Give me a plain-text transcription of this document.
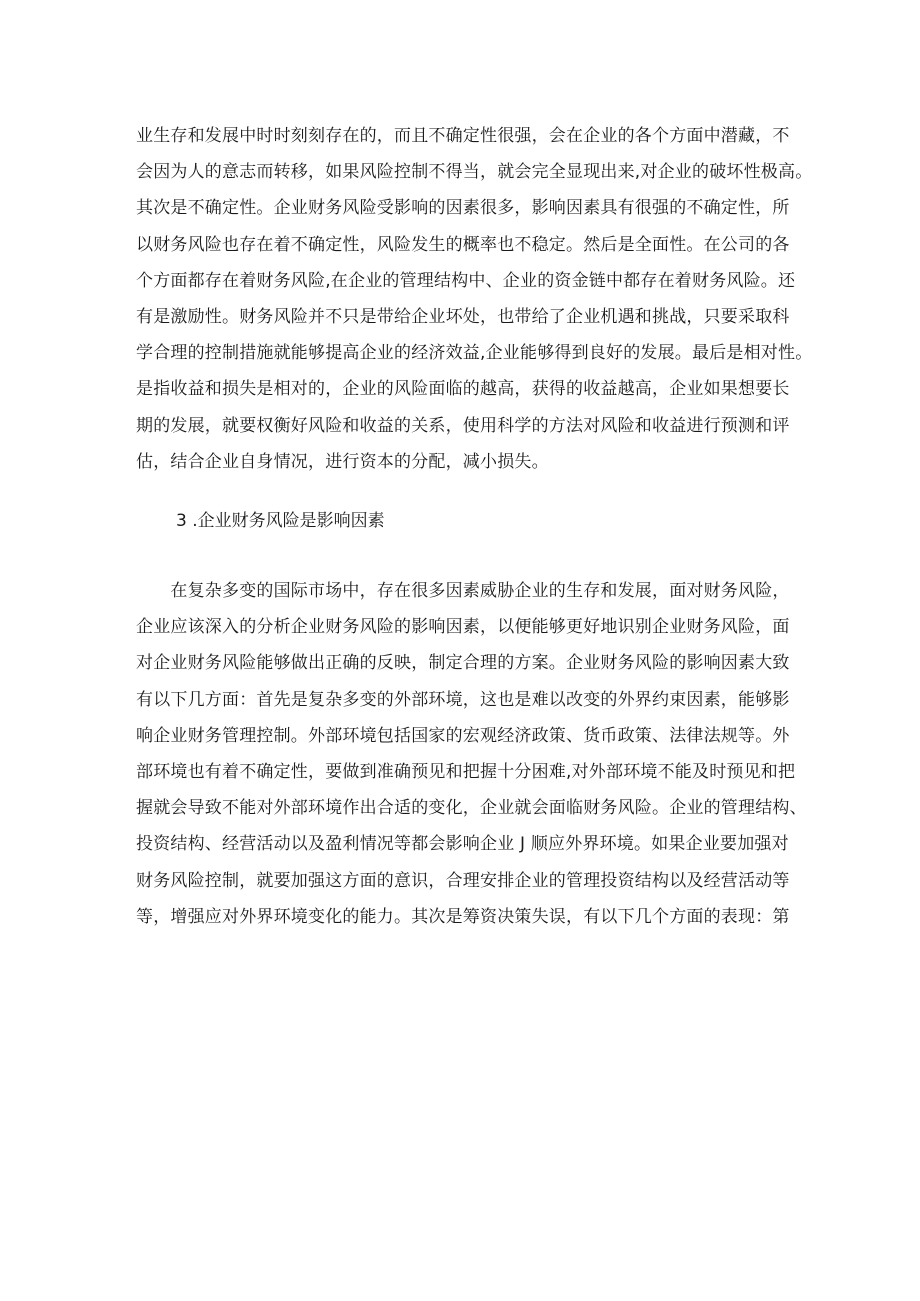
业生存和发展中时时刻刻存在的，而且不确定性很强，会在企业的各个方面中潜藏，不
会因为人的意志而转移，如果风险控制不得当，就会完全显现出来,对企业的破坏性极高。
其次是不确定性。企业财务风险受影响的因素很多，影响因素具有很强的不确定性，所
以财务风险也存在着不确定性，风险发生的概率也不稳定。然后是全面性。在公司的各
个方面都存在着财务风险,在企业的管理结构中、企业的资金链中都存在着财务风险。还
有是激励性。财务风险并不只是带给企业坏处，也带给了企业机遇和挑战，只要采取科
学合理的控制措施就能够提高企业的经济效益,企业能够得到良好的发展。最后是相对性。
是指收益和损失是相对的，企业的风险面临的越高，获得的收益越高，企业如果想要长
期的发展，就要权衡好风险和收益的关系，使用科学的方法对风险和收益进行预测和评
估，结合企业自身情况，进行资本的分配，减小损失。

3 .企业财务风险是影响因素

　　在复杂多变的国际市场中，存在很多因素威胁企业的生存和发展，面对财务风险，
企业应该深入的分析企业财务风险的影响因素，以便能够更好地识别企业财务风险，面
对企业财务风险能够做出正确的反映，制定合理的方案。企业财务风险的影响因素大致
有以下几方面：首先是复杂多变的外部环境，这也是难以改变的外界约束因素，能够影
响企业财务管理控制。外部环境包括国家的宏观经济政策、货币政策、法律法规等。外
部环境也有着不确定性，要做到准确预见和把握十分困难,对外部环境不能及时预见和把
握就会导致不能对外部环境作出合适的变化，企业就会面临财务风险。企业的管理结构、
投资结构、经营活动以及盈利情况等都会影响企业 J 顺应外界环境。如果企业要加强对
财务风险控制，就要加强这方面的意识，合理安排企业的管理投资结构以及经营活动等
等，增强应对外界环境变化的能力。其次是筹资决策失误，有以下几个方面的表现：第
